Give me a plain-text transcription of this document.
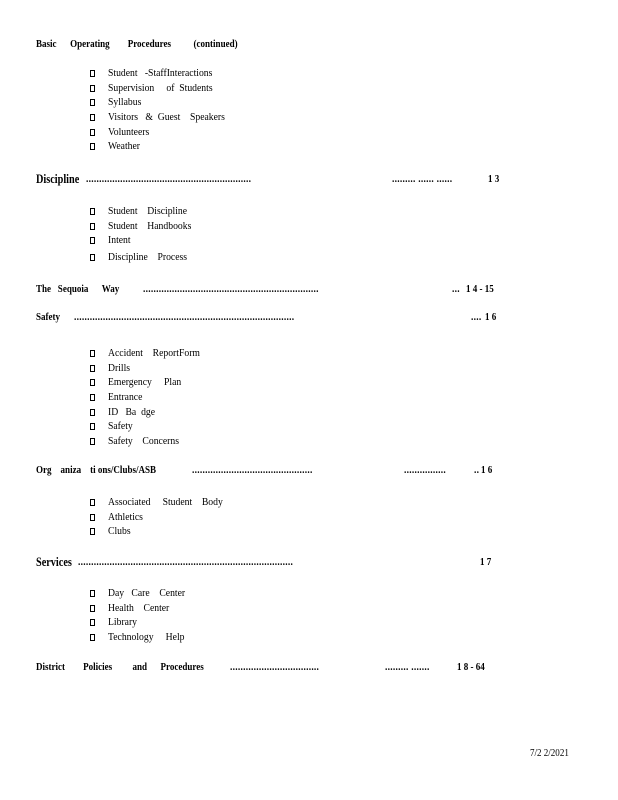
Basic      Operating        Procedures          (continued)
Student   -StaffInteractions
Supervision     of  Students
Syllabus
Visitors   &  Guest    Speakers
Volunteers
Weather
Discipline ...............................................................	......... ...... ......	1 3
Student    Discipline
Student    Handbooks
Intent
Discipline    Process
The   Sequoia      Way ...................................................................	... 1 4 - 15
Safety ....................................................................................	.... 1 6
Accident    ReportForm
Drills
Emergency     Plan
Entrance
ID   Ba  dge
Safety
Safety    Concerns
Org    aniza    ti ons/Clubs/ASB	..............................................	................	.. 1 6
Associated     Student    Body
Athletics
Clubs
Services ..................................................................................	1 7
Day   Care    Center
Health    Center
Library
Technology     Help
District        Policies         and      Procedures ..................................	......... ....... 1 8 - 64
7/2 2/2021
